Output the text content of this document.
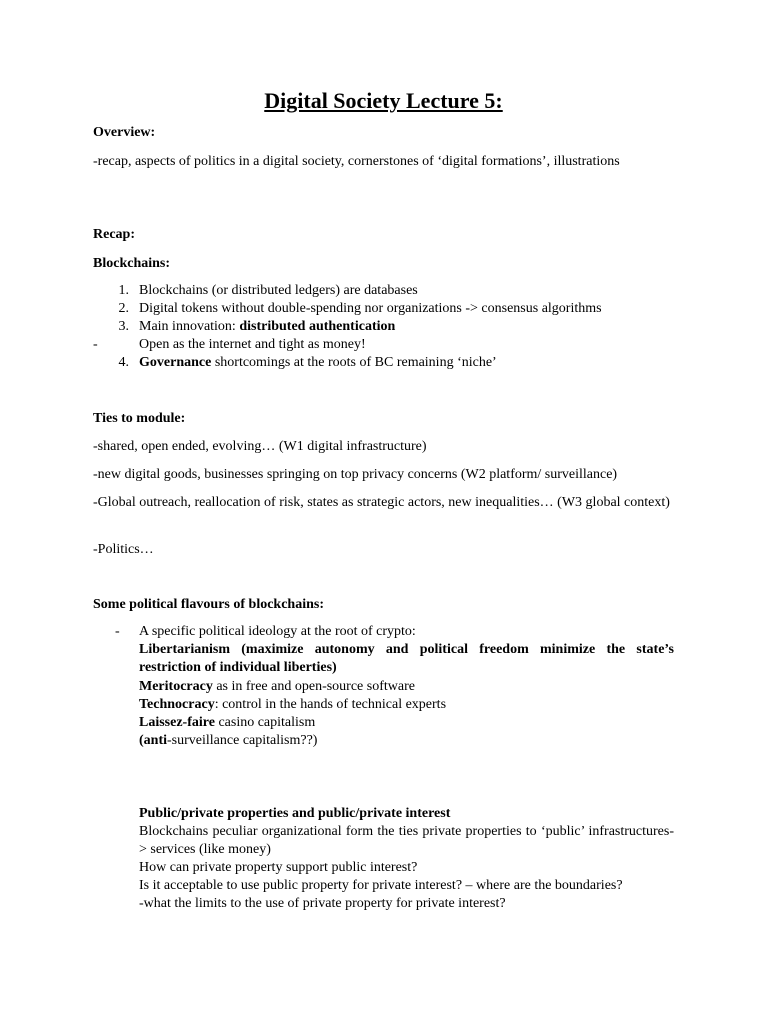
Digital Society Lecture 5:
Overview:
-recap, aspects of politics in a digital society, cornerstones of ‘digital formations’, illustrations
Recap:
Blockchains:
1. Blockchains (or distributed ledgers) are databases
2. Digital tokens without double-spending nor organizations -> consensus algorithms
3. Main innovation: distributed authentication
-	Open as the internet and tight as money!
4. Governance shortcomings at the roots of BC remaining ‘niche’
Ties to module:
-shared, open ended, evolving… (W1 digital infrastructure)
-new digital goods, businesses springing on top privacy concerns (W2 platform/ surveillance)
-Global outreach, reallocation of risk, states as strategic actors, new inequalities… (W3 global context)
-Politics…
Some political flavours of blockchains:
- A specific political ideology at the root of crypto:
Libertarianism (maximize autonomy and political freedom minimize the state’s restriction of individual liberties)
Meritocracy as in free and open-source software
Technocracy: control in the hands of technical experts
Laissez-faire casino capitalism
(anti-surveillance capitalism??)
Public/private properties and public/private interest
Blockchains peculiar organizational form the ties private properties to ‘public’ infrastructures-> services (like money)
How can private property support public interest?
Is it acceptable to use public property for private interest? – where are the boundaries?
-what the limits to the use of private property for private interest?
